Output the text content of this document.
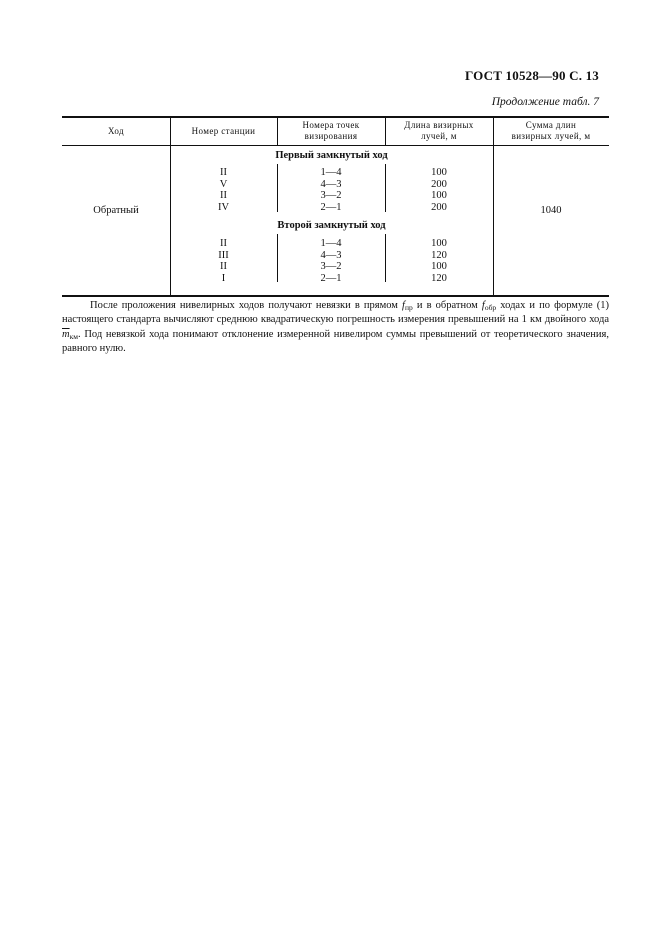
ГОСТ 10528—90 С. 13
Продолжение табл. 7
Ход	Номер станции
Номера точек визирования
Длина визирных лучей, м
Сумма длин визирных лучей, м
Обратный	1040
Первый замкнутый ход
II
V
II
IV
1—4
4—3
3—2
2—1
100
200
100
200
Второй замкнутый ход
II
III
II
I
1—4
4—3
3—2
2—1
100
120
100
120
После проложения нивелирных ходов получают невязки в прямом $f_{пр}$ и в обратном $f_{обр}$ ходах и по формуле (1) настоящего стандарта вычисляют среднюю квадратическую погрешность измерения превышений на 1 км двойного хода $\overline{m}_{км}$. Под невязкой хода понимают отклонение измеренной нивелиром суммы превышений от теоретического значения, равного нулю.
